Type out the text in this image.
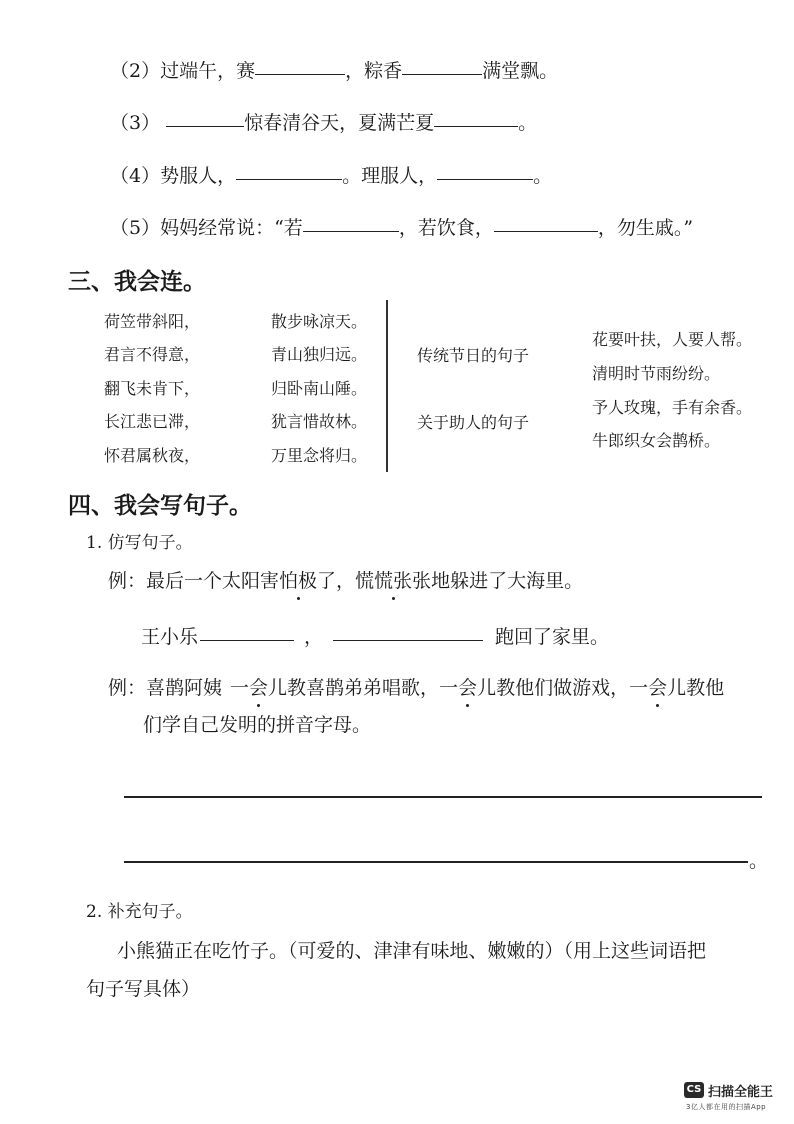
（2）过端午，赛	，粽香	满堂飘。
（3）	惊春清谷天，夏满芒夏	。
（4）势服人，	。理服人，	。
（5）妈妈经常说：“若	，若饮食，	，勿生戚。”
三、我会连。
荷笠带斜阳，
君言不得意，
翻飞未肯下，
长江悲已滞，
怀君属秋夜，
散步咏凉天。
青山独归远。
归卧南山陲。
犹言惜故林。
万里念将归。
传统节日的句子
关于助人的句子
花要叶扶，人要人帮。
清明时节雨纷纷。
予人玫瑰，手有余香。
牛郎织女会鹊桥。
四、我会写句子。
1. 仿写句子。
例：最后一个太阳害怕极了，慌慌张张地躲进了大海里。
王小乐	，	跑回了家里。
例：喜鹊阿姨 一会儿教喜鹊弟弟唱歌，一会儿教他们做游戏，一会儿教他
们学自己发明的拼音字母。
。
2. 补充句子。
小熊猫正在吃竹子。（可爱的、津津有味地、嫩嫩的）（用上这些词语把
句子写具体）
CS 扫描全能王
3亿人都在用的扫描App
